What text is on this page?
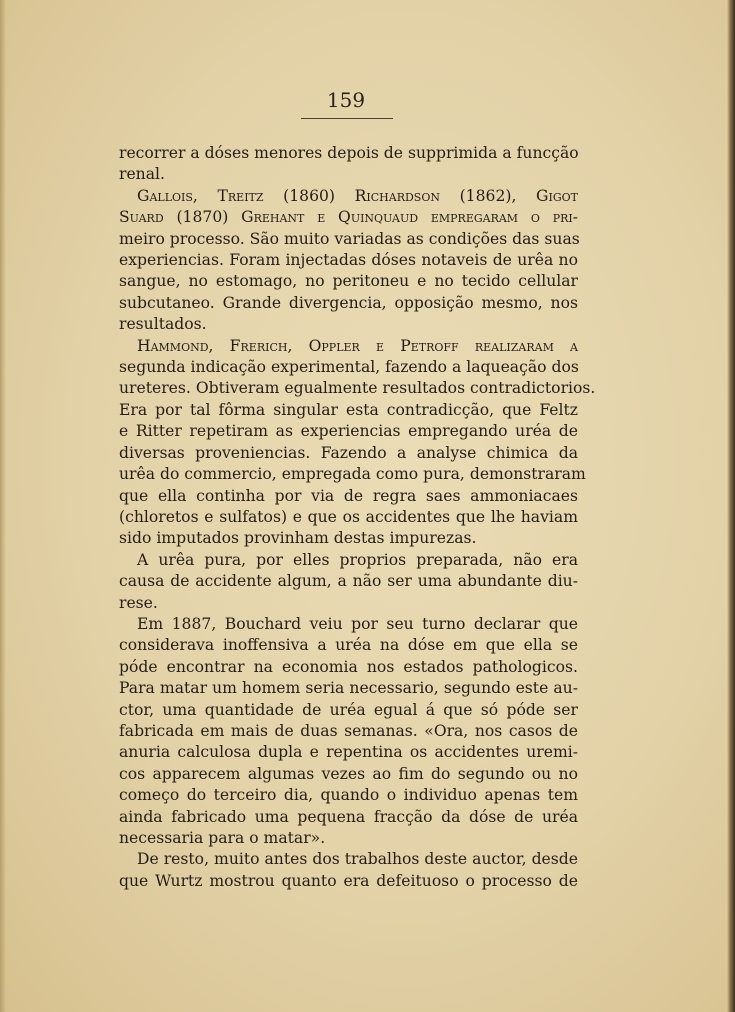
159
recorrer a dóses menores depois de supprimida a funcção
renal.
Gallois, Treitz (1860) Richardson (1862), Gigot
Suard (1870) Grehant e Quinquaud empregaram o pri-
meiro processo. São muito variadas as condições das suas
experiencias. Foram injectadas dóses notaveis de urêa no
sangue, no estomago, no peritoneu e no tecido cellular
subcutaneo. Grande divergencia, opposição mesmo, nos
resultados.
Hammond, Frerich, Oppler e Petroff realizaram a
segunda indicação experimental, fazendo a laqueação dos
ureteres. Obtiveram egualmente resultados contradictorios.
Era por tal fôrma singular esta contradicção, que Feltz
e Ritter repetiram as experiencias empregando uréa de
diversas proveniencias. Fazendo a analyse chimica da
urêa do commercio, empregada como pura, demonstraram
que ella continha por via de regra saes ammoniacaes
(chloretos e sulfatos) e que os accidentes que lhe haviam
sido imputados provinham destas impurezas.
A urêa pura, por elles proprios preparada, não era
causa de accidente algum, a não ser uma abundante diu-
rese.
Em 1887, Bouchard veiu por seu turno declarar que
considerava inoffensiva a uréa na dóse em que ella se
póde encontrar na economia nos estados pathologicos.
Para matar um homem seria necessario, segundo este au-
ctor, uma quantidade de uréa egual á que só póde ser
fabricada em mais de duas semanas. «Ora, nos casos de
anuria calculosa dupla e repentina os accidentes uremi-
cos apparecem algumas vezes ao fim do segundo ou no
começo do terceiro dia, quando o individuo apenas tem
ainda fabricado uma pequena fracção da dóse de uréa
necessaria para o matar».
De resto, muito antes dos trabalhos deste auctor, desde
que Wurtz mostrou quanto era defeituoso o processo de
